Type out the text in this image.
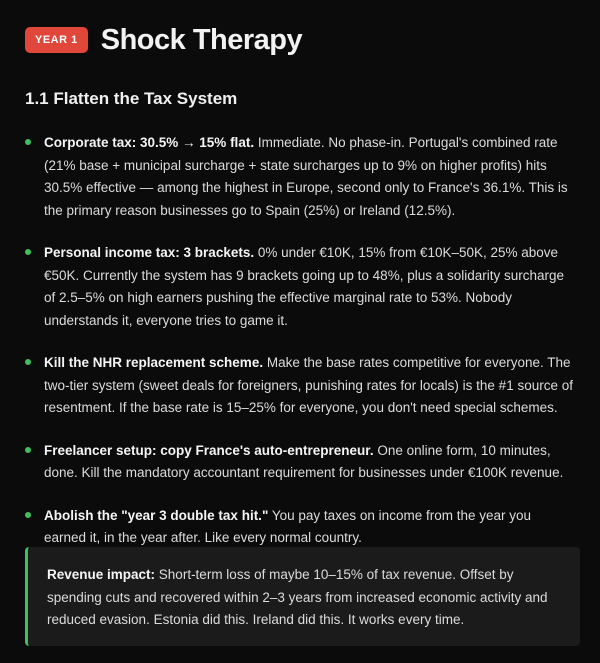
YEAR 1 Shock Therapy
1.1 Flatten the Tax System
Corporate tax: 30.5% → 15% flat. Immediate. No phase-in. Portugal's combined rate (21% base + municipal surcharge + state surcharges up to 9% on higher profits) hits 30.5% effective — among the highest in Europe, second only to France's 36.1%. This is the primary reason businesses go to Spain (25%) or Ireland (12.5%).
Personal income tax: 3 brackets. 0% under €10K, 15% from €10K–50K, 25% above €50K. Currently the system has 9 brackets going up to 48%, plus a solidarity surcharge of 2.5–5% on high earners pushing the effective marginal rate to 53%. Nobody understands it, everyone tries to game it.
Kill the NHR replacement scheme. Make the base rates competitive for everyone. The two-tier system (sweet deals for foreigners, punishing rates for locals) is the #1 source of resentment. If the base rate is 15–25% for everyone, you don't need special schemes.
Freelancer setup: copy France's auto-entrepreneur. One online form, 10 minutes, done. Kill the mandatory accountant requirement for businesses under €100K revenue.
Abolish the "year 3 double tax hit." You pay taxes on income from the year you earned it, in the year after. Like every normal country.
Revenue impact: Short-term loss of maybe 10–15% of tax revenue. Offset by spending cuts and recovered within 2–3 years from increased economic activity and reduced evasion. Estonia did this. Ireland did this. It works every time.
